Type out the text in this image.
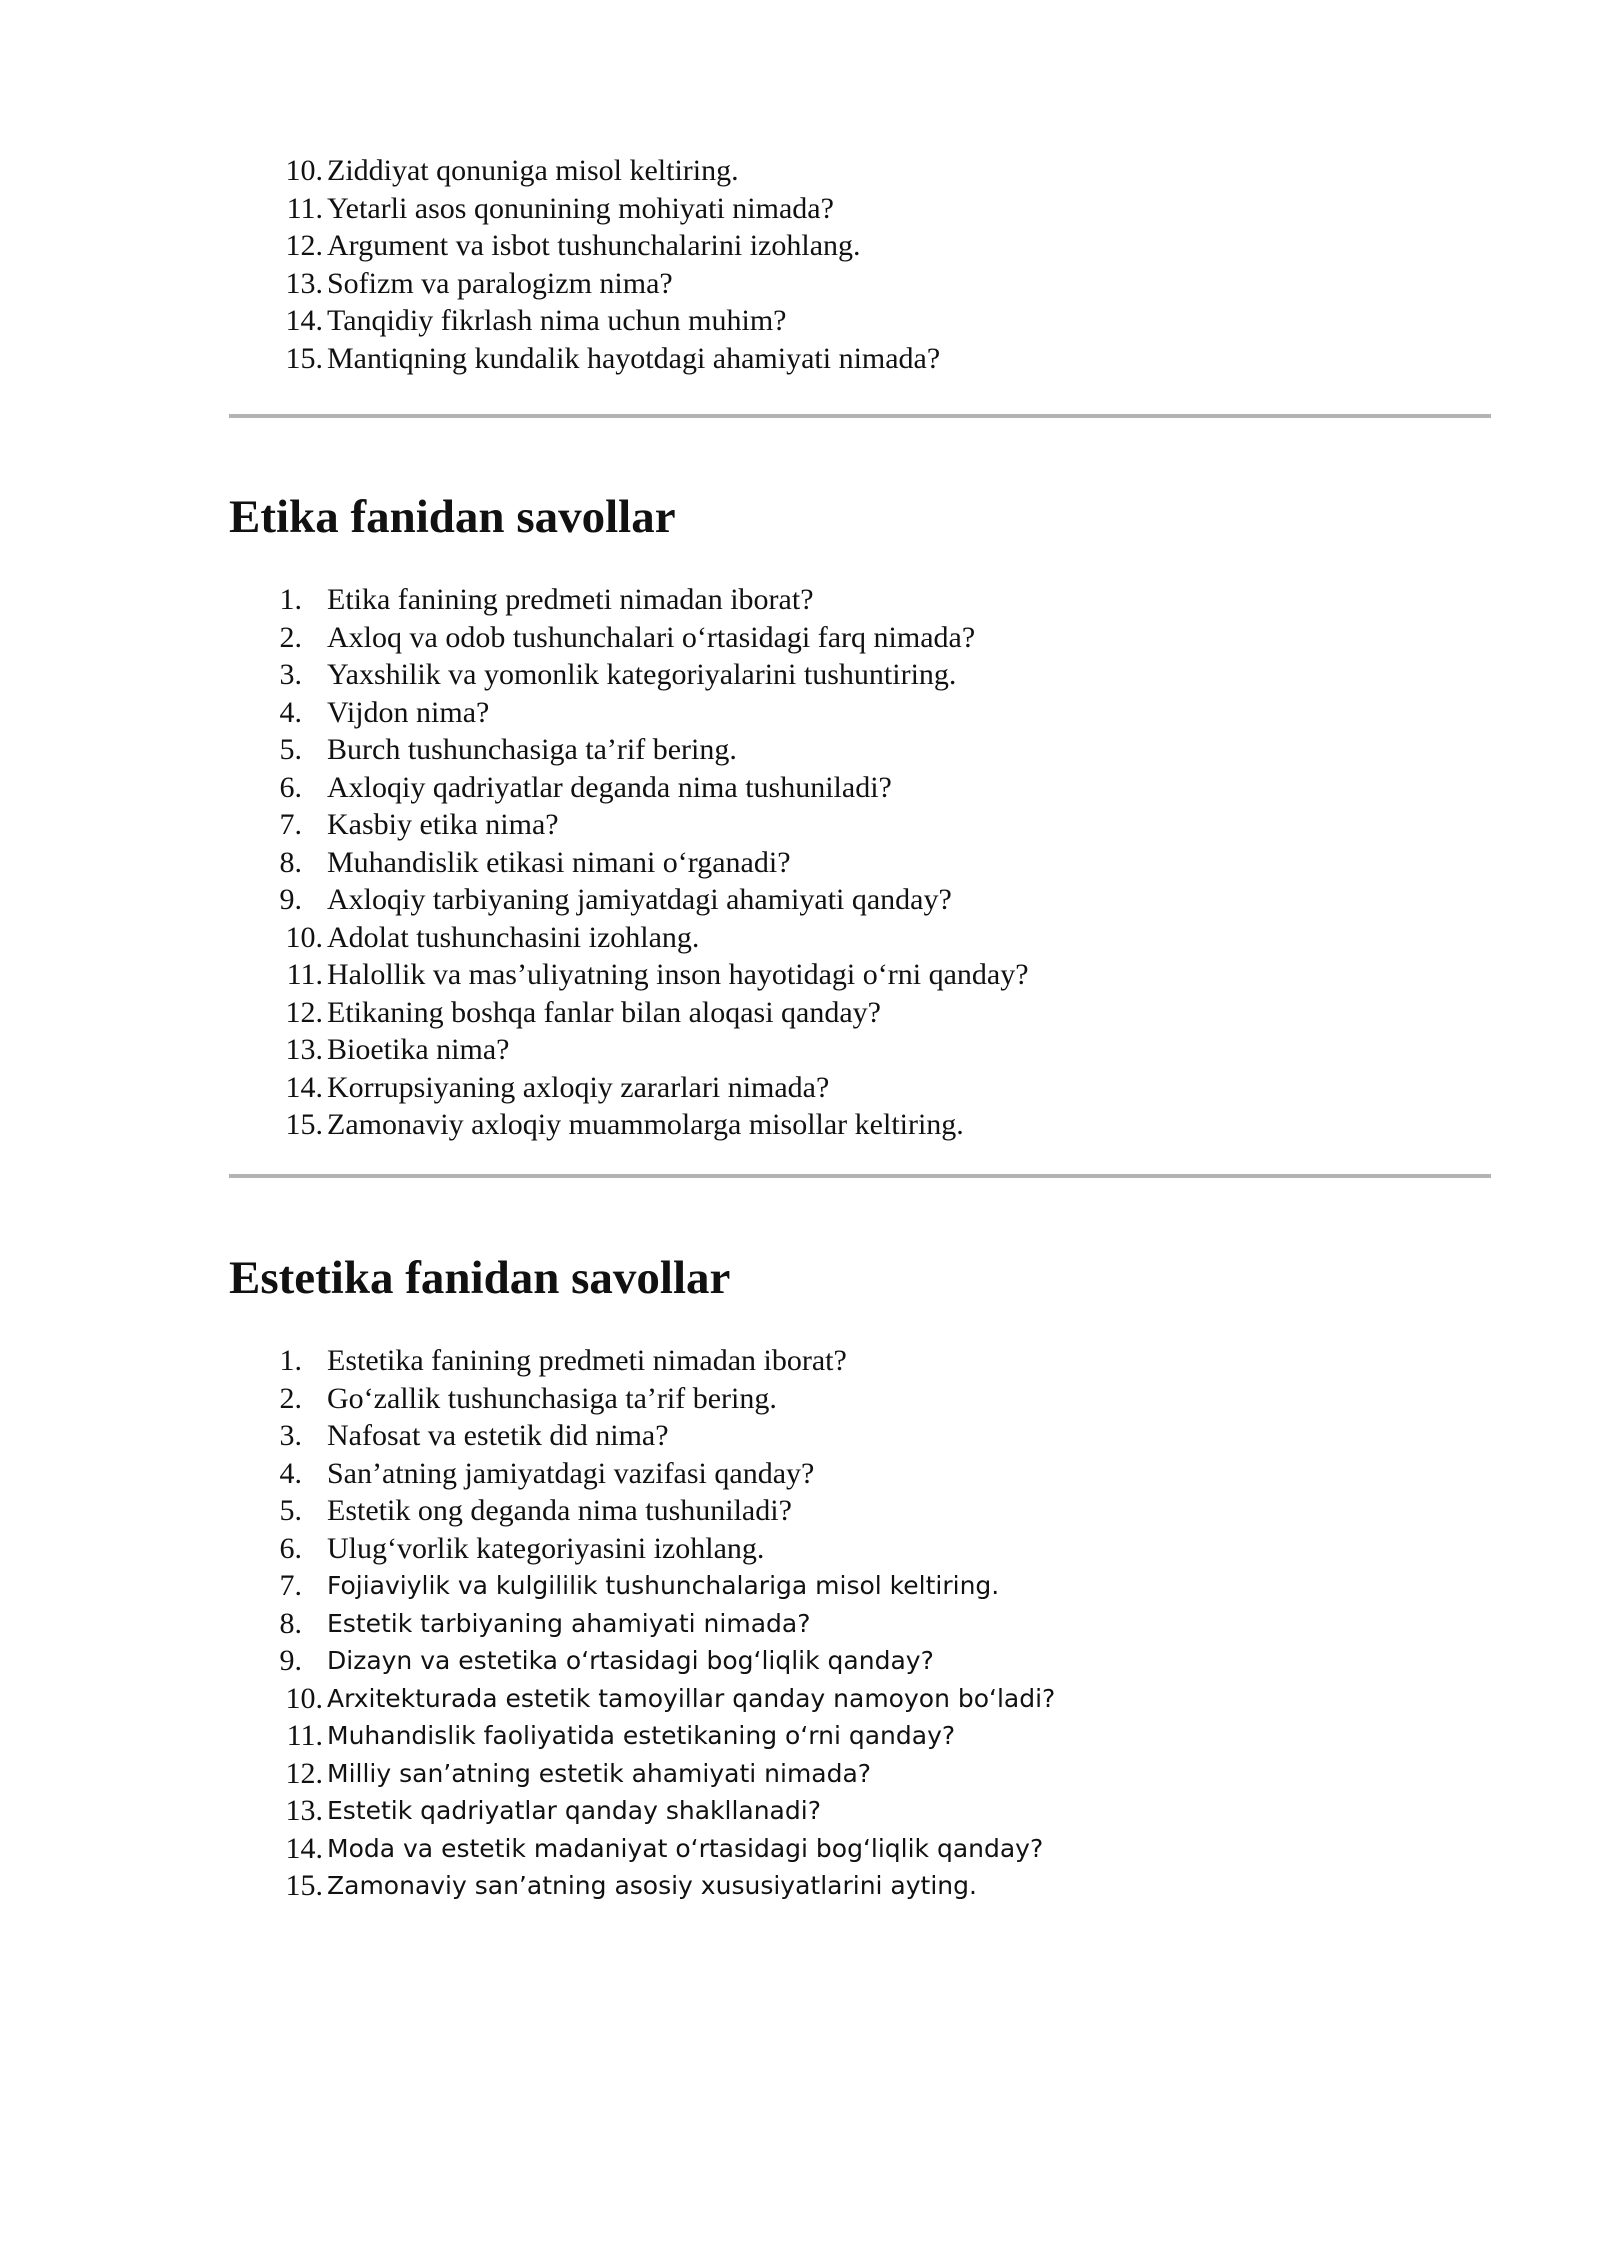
10. Ziddiyat qonuniga misol keltiring.
11. Yetarli asos qonunining mohiyati nimada?
12. Argument va isbot tushunchalarini izohlang.
13. Sofizm va paralogizm nima?
14. Tanqidiy fikrlash nima uchun muhim?
15. Mantiqning kundalik hayotdagi ahamiyati nimada?
Etika fanidan savollar
1. Etika fanining predmeti nimadan iborat?
2. Axloq va odob tushunchalari o‘rtasidagi farq nimada?
3. Yaxshilik va yomonlik kategoriyalarini tushuntiring.
4. Vijdon nima?
5. Burch tushunchasiga ta’rif bering.
6. Axloqiy qadriyatlar deganda nima tushuniladi?
7. Kasbiy etika nima?
8. Muhandislik etikasi nimani o‘rganadi?
9. Axloqiy tarbiyaning jamiyatdagi ahamiyati qanday?
10. Adolat tushunchasini izohlang.
11. Halollik va mas’uliyatning inson hayotidagi o‘rni qanday?
12. Etikaning boshqa fanlar bilan aloqasi qanday?
13. Bioetika nima?
14. Korrupsiyaning axloqiy zararlari nimada?
15. Zamonaviy axloqiy muammolarga misollar keltiring.
Estetika fanidan savollar
1. Estetika fanining predmeti nimadan iborat?
2. Go‘zallik tushunchasiga ta’rif bering.
3. Nafosat va estetik did nima?
4. San’atning jamiyatdagi vazifasi qanday?
5. Estetik ong deganda nima tushuniladi?
6. Ulug‘vorlik kategoriyasini izohlang.
7. Fojiaviylik va kulgililik tushunchalariga misol keltiring.
8. Estetik tarbiyaning ahamiyati nimada?
9. Dizayn va estetika o‘rtasidagi bog‘liqlik qanday?
10. Arxitekturada estetik tamoyillar qanday namoyon bo‘ladi?
11. Muhandislik faoliyatida estetikaning o‘rni qanday?
12. Milliy san’atning estetik ahamiyati nimada?
13. Estetik qadriyatlar qanday shakllanadi?
14. Moda va estetik madaniyat o‘rtasidagi bog‘liqlik qanday?
15. Zamonaviy san’atning asosiy xususiyatlarini ayting.
